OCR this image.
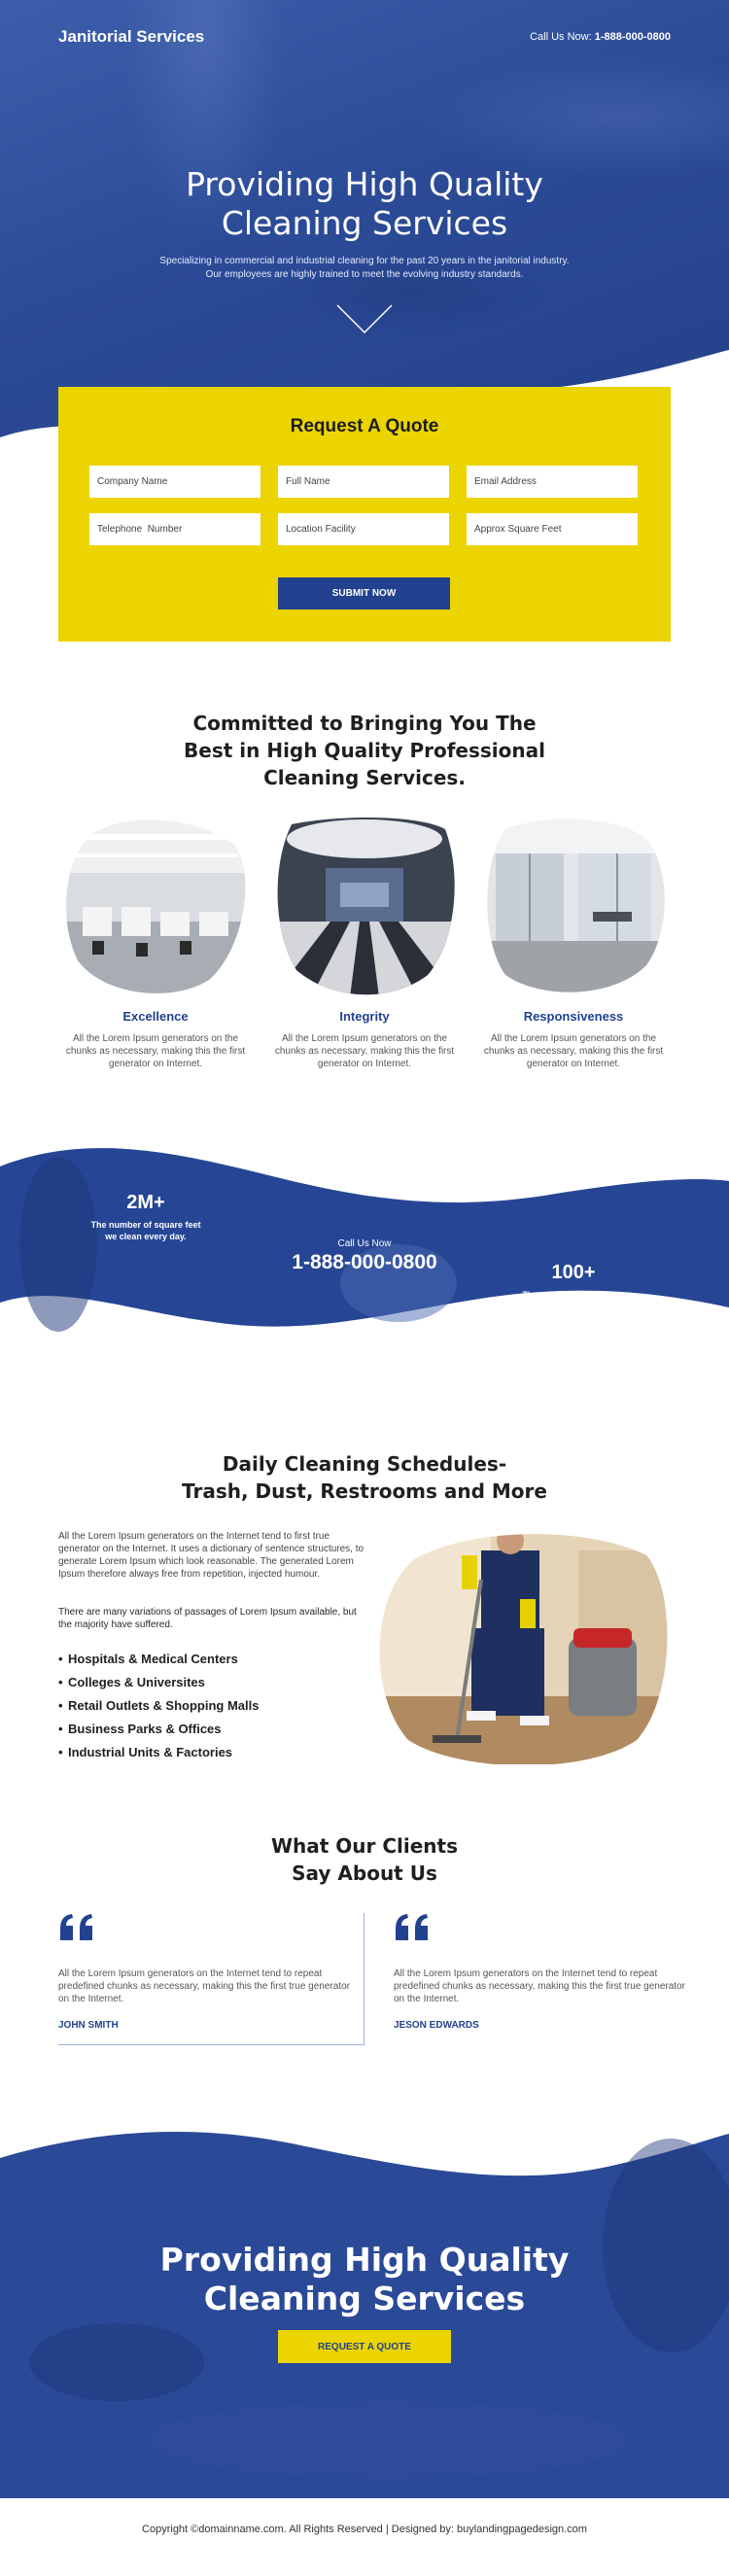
Janitorial Services	Call Us Now: 1-888-000-0800
Providing High Quality
Cleaning Services

Specializing in commercial and industrial cleaning for the past 20 years in the janitorial industry.
Our employees are highly trained to meet the evolving industry standards.

Request A Quote
Company Name
Full Name
Email Address
Telephone Number
Location Facility
Approx Square Feet
SUBMIT NOW
Committed to Bringing You The
Best in High Quality Professional
Cleaning Services.
Excellence
All the Lorem Ipsum generators on the chunks as necessary, making this the first generator on Internet.
Integrity
All the Lorem Ipsum generators on the chunks as necessary, making this the first generator on Internet.
Responsiveness
All the Lorem Ipsum generators on the chunks as necessary, making this the first generator on Internet.
2M+
The number of square feet
we clean every day.
Call Us Now
1-888-000-0800	100+
The number of buildings
we clean daily.
Daily Cleaning Schedules-
Trash, Dust, Restrooms and More

All the Lorem Ipsum generators on the Internet tend to first true generator on the Internet. It uses a dictionary of sentence structures, to generate Lorem Ipsum which look reasonable. The generated Lorem Ipsum therefore always free from repetition, injected humour.

There are many variations of passages of Lorem Ipsum available, but the majority have suffered.

• Hospitals & Medical Centers
• Colleges & Universites
• Retail Outlets & Shopping Malls
• Business Parks & Offices
• Industrial Units & Factories
What Our Clients
Say About Us

All the Lorem Ipsum generators on the Internet tend to repeat predefined chunks as necessary, making this the first true generator on the Internet.

JOHN SMITH

All the Lorem Ipsum generators on the Internet tend to repeat predefined chunks as necessary, making this the first true generator on the Internet.

JESON EDWARDS
Providing High Quality
Cleaning Services
REQUEST A QUOTE
Copyright ©domainname.com. All Rights Reserved | Designed by: buylandingpagedesign.com
